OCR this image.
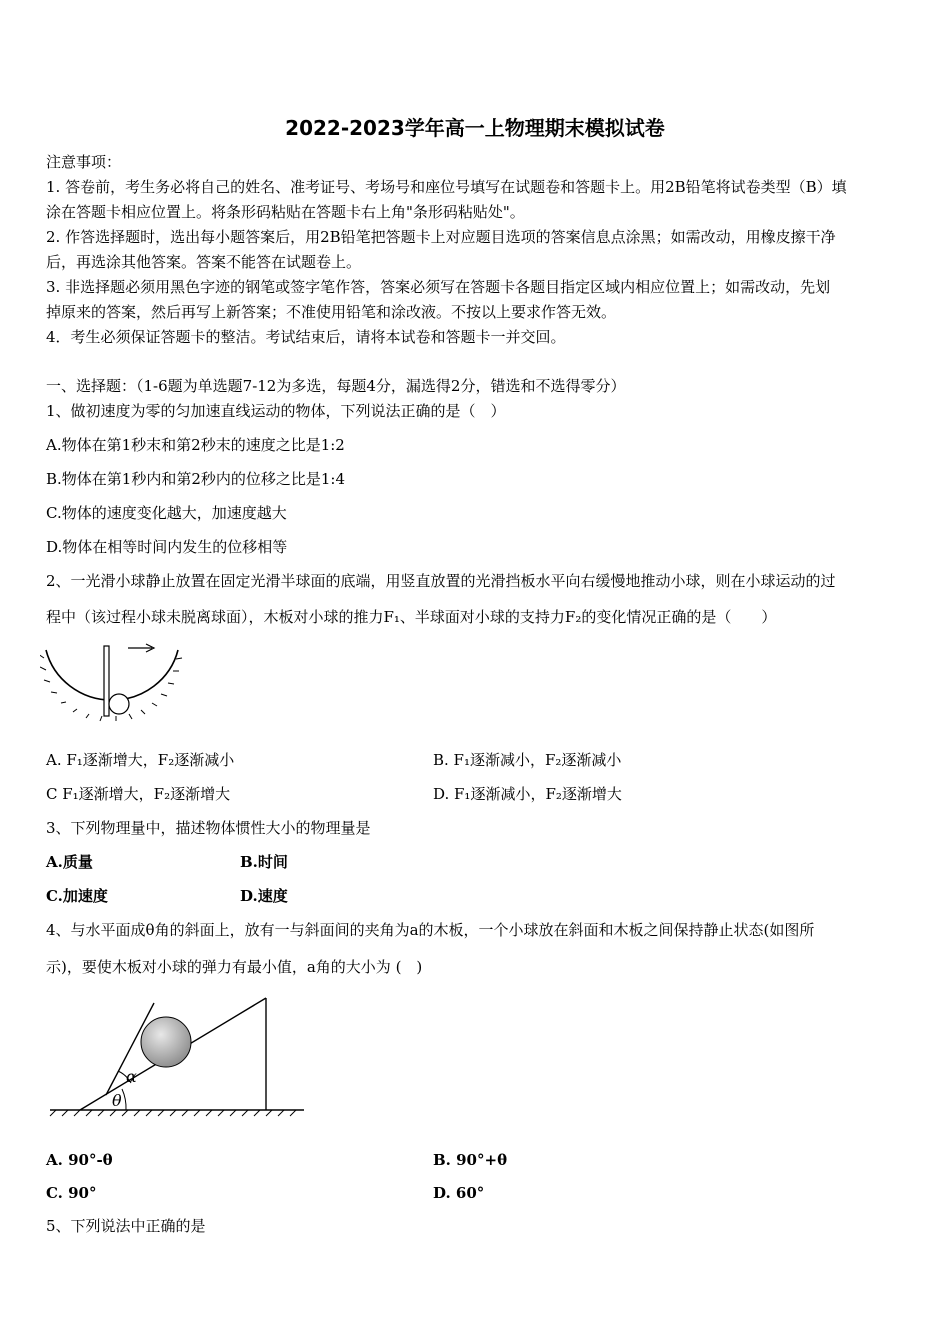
2022-2023学年高一上物理期末模拟试卷
注意事项：
1. 答卷前，考生务必将自己的姓名、准考证号、考场号和座位号填写在试题卷和答题卡上。用2B铅笔将试卷类型（B）填
涂在答题卡相应位置上。将条形码粘贴在答题卡右上角"条形码粘贴处"。
2. 作答选择题时，选出每小题答案后，用2B铅笔把答题卡上对应题目选项的答案信息点涂黑；如需改动，用橡皮擦干净
后，再选涂其他答案。答案不能答在试题卷上。
3. 非选择题必须用黑色字迹的钢笔或签字笔作答，答案必须写在答题卡各题目指定区域内相应位置上；如需改动，先划
掉原来的答案，然后再写上新答案；不准使用铅笔和涂改液。不按以上要求作答无效。
4．考生必须保证答题卡的整洁。考试结束后，请将本试卷和答题卡一并交回。
一、选择题：（1-6题为单选题7-12为多选，每题4分，漏选得2分，错选和不选得零分）
1、做初速度为零的匀加速直线运动的物体，下列说法正确的是（　）
A.物体在第1秒末和第2秒末的速度之比是1:2
B.物体在第1秒内和第2秒内的位移之比是1:4
C.物体的速度变化越大，加速度越大
D.物体在相等时间内发生的位移相等
2、一光滑小球静止放置在固定光滑半球面的底端，用竖直放置的光滑挡板水平向右缓慢地推动小球，则在小球运动的过
程中（该过程小球未脱离球面），木板对小球的推力F₁、半球面对小球的支持力F₂的变化情况正确的是（　　）
A. F₁逐渐增大，F₂逐渐减小	B. F₁逐渐减小，F₂逐渐减小
C F₁逐渐增大，F₂逐渐增大	D. F₁逐渐减小，F₂逐渐增大
3、下列物理量中，描述物体惯性大小的物理量是
A.质量	B.时间
C.加速度	D.速度
4、与水平面成θ角的斜面上，放有一与斜面间的夹角为a的木板，一个小球放在斜面和木板之间保持静止状态(如图所
示)，要使木板对小球的弹力有最小值，a角的大小为 (　)
α
θ
A. 90°-θ	B. 90°+θ
C. 90°	D. 60°
5、下列说法中正确的是
